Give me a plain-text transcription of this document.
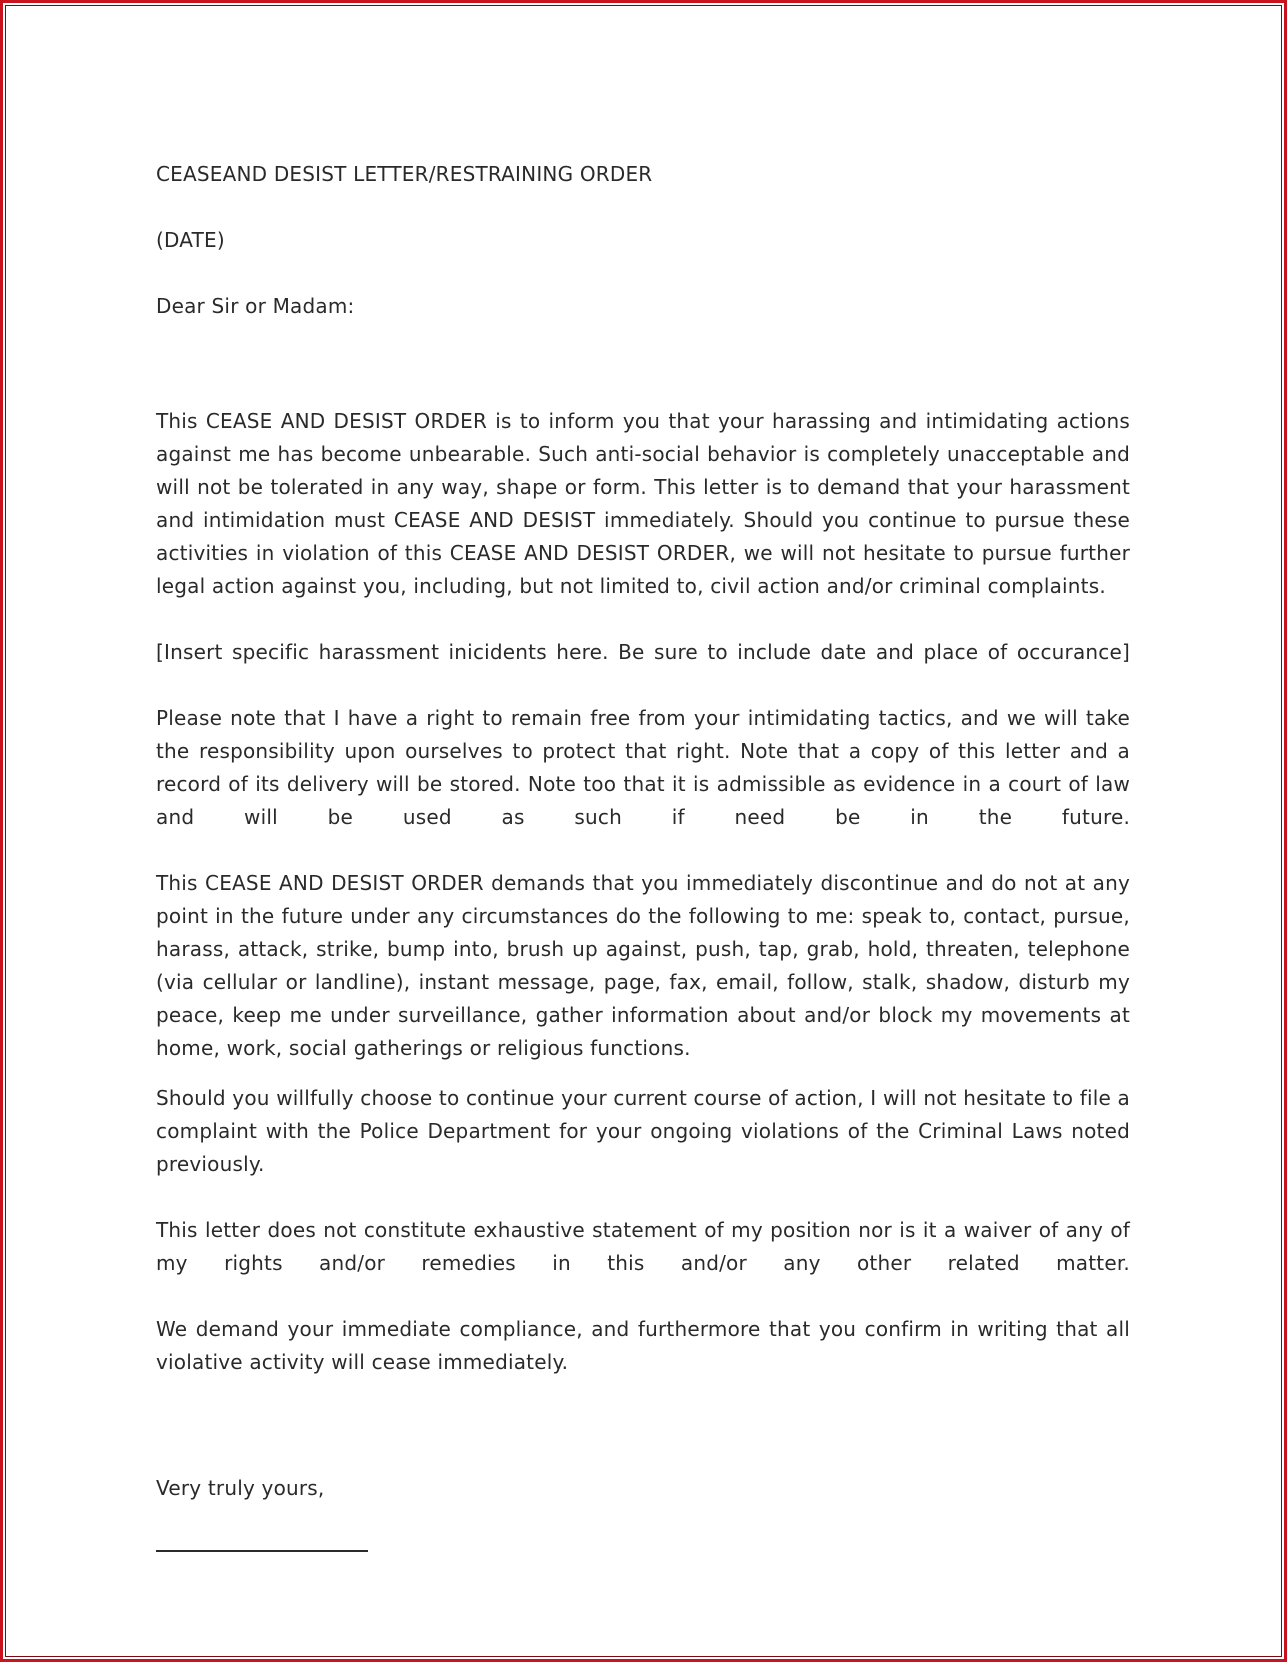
CEASEAND DESIST LETTER/RESTRAINING ORDER

(DATE)

Dear Sir or Madam:

This CEASE AND DESIST ORDER is to inform you that your harassing and intimidating actions against me has become unbearable. Such anti-social behavior is completely unacceptable and will not be tolerated in any way, shape or form. This letter is to demand that your harassment and intimidation must CEASE AND DESIST immediately. Should you continue to pursue these activities in violation of this CEASE AND DESIST ORDER, we will not hesitate to pursue further legal action against you, including, but not limited to, civil action and/or criminal complaints.

[Insert specific harassment inicidents here. Be sure to include date and place of occurance]

Please note that I have a right to remain free from your intimidating tactics, and we will take the responsibility upon ourselves to protect that right. Note that a copy of this letter and a record of its delivery will be stored. Note too that it is admissible as evidence in a court of law and will be used as such if need be in the future.

This CEASE AND DESIST ORDER demands that you immediately discontinue and do not at any point in the future under any circumstances do the following to me: speak to, contact, pursue, harass, attack, strike, bump into, brush up against, push, tap, grab, hold, threaten, telephone (via cellular or landline), instant message, page, fax, email, follow, stalk, shadow, disturb my peace, keep me under surveillance, gather information about and/or block my movements at home, work, social gatherings or religious functions.

Should you willfully choose to continue your current course of action, I will not hesitate to file a complaint with the Police Department for your ongoing violations of the Criminal Laws noted previously.

This letter does not constitute exhaustive statement of my position nor is it a waiver of any of my rights and/or remedies in this and/or any other related matter.

We demand your immediate compliance, and furthermore that you confirm in writing that all violative activity will cease immediately.

Very truly yours,
